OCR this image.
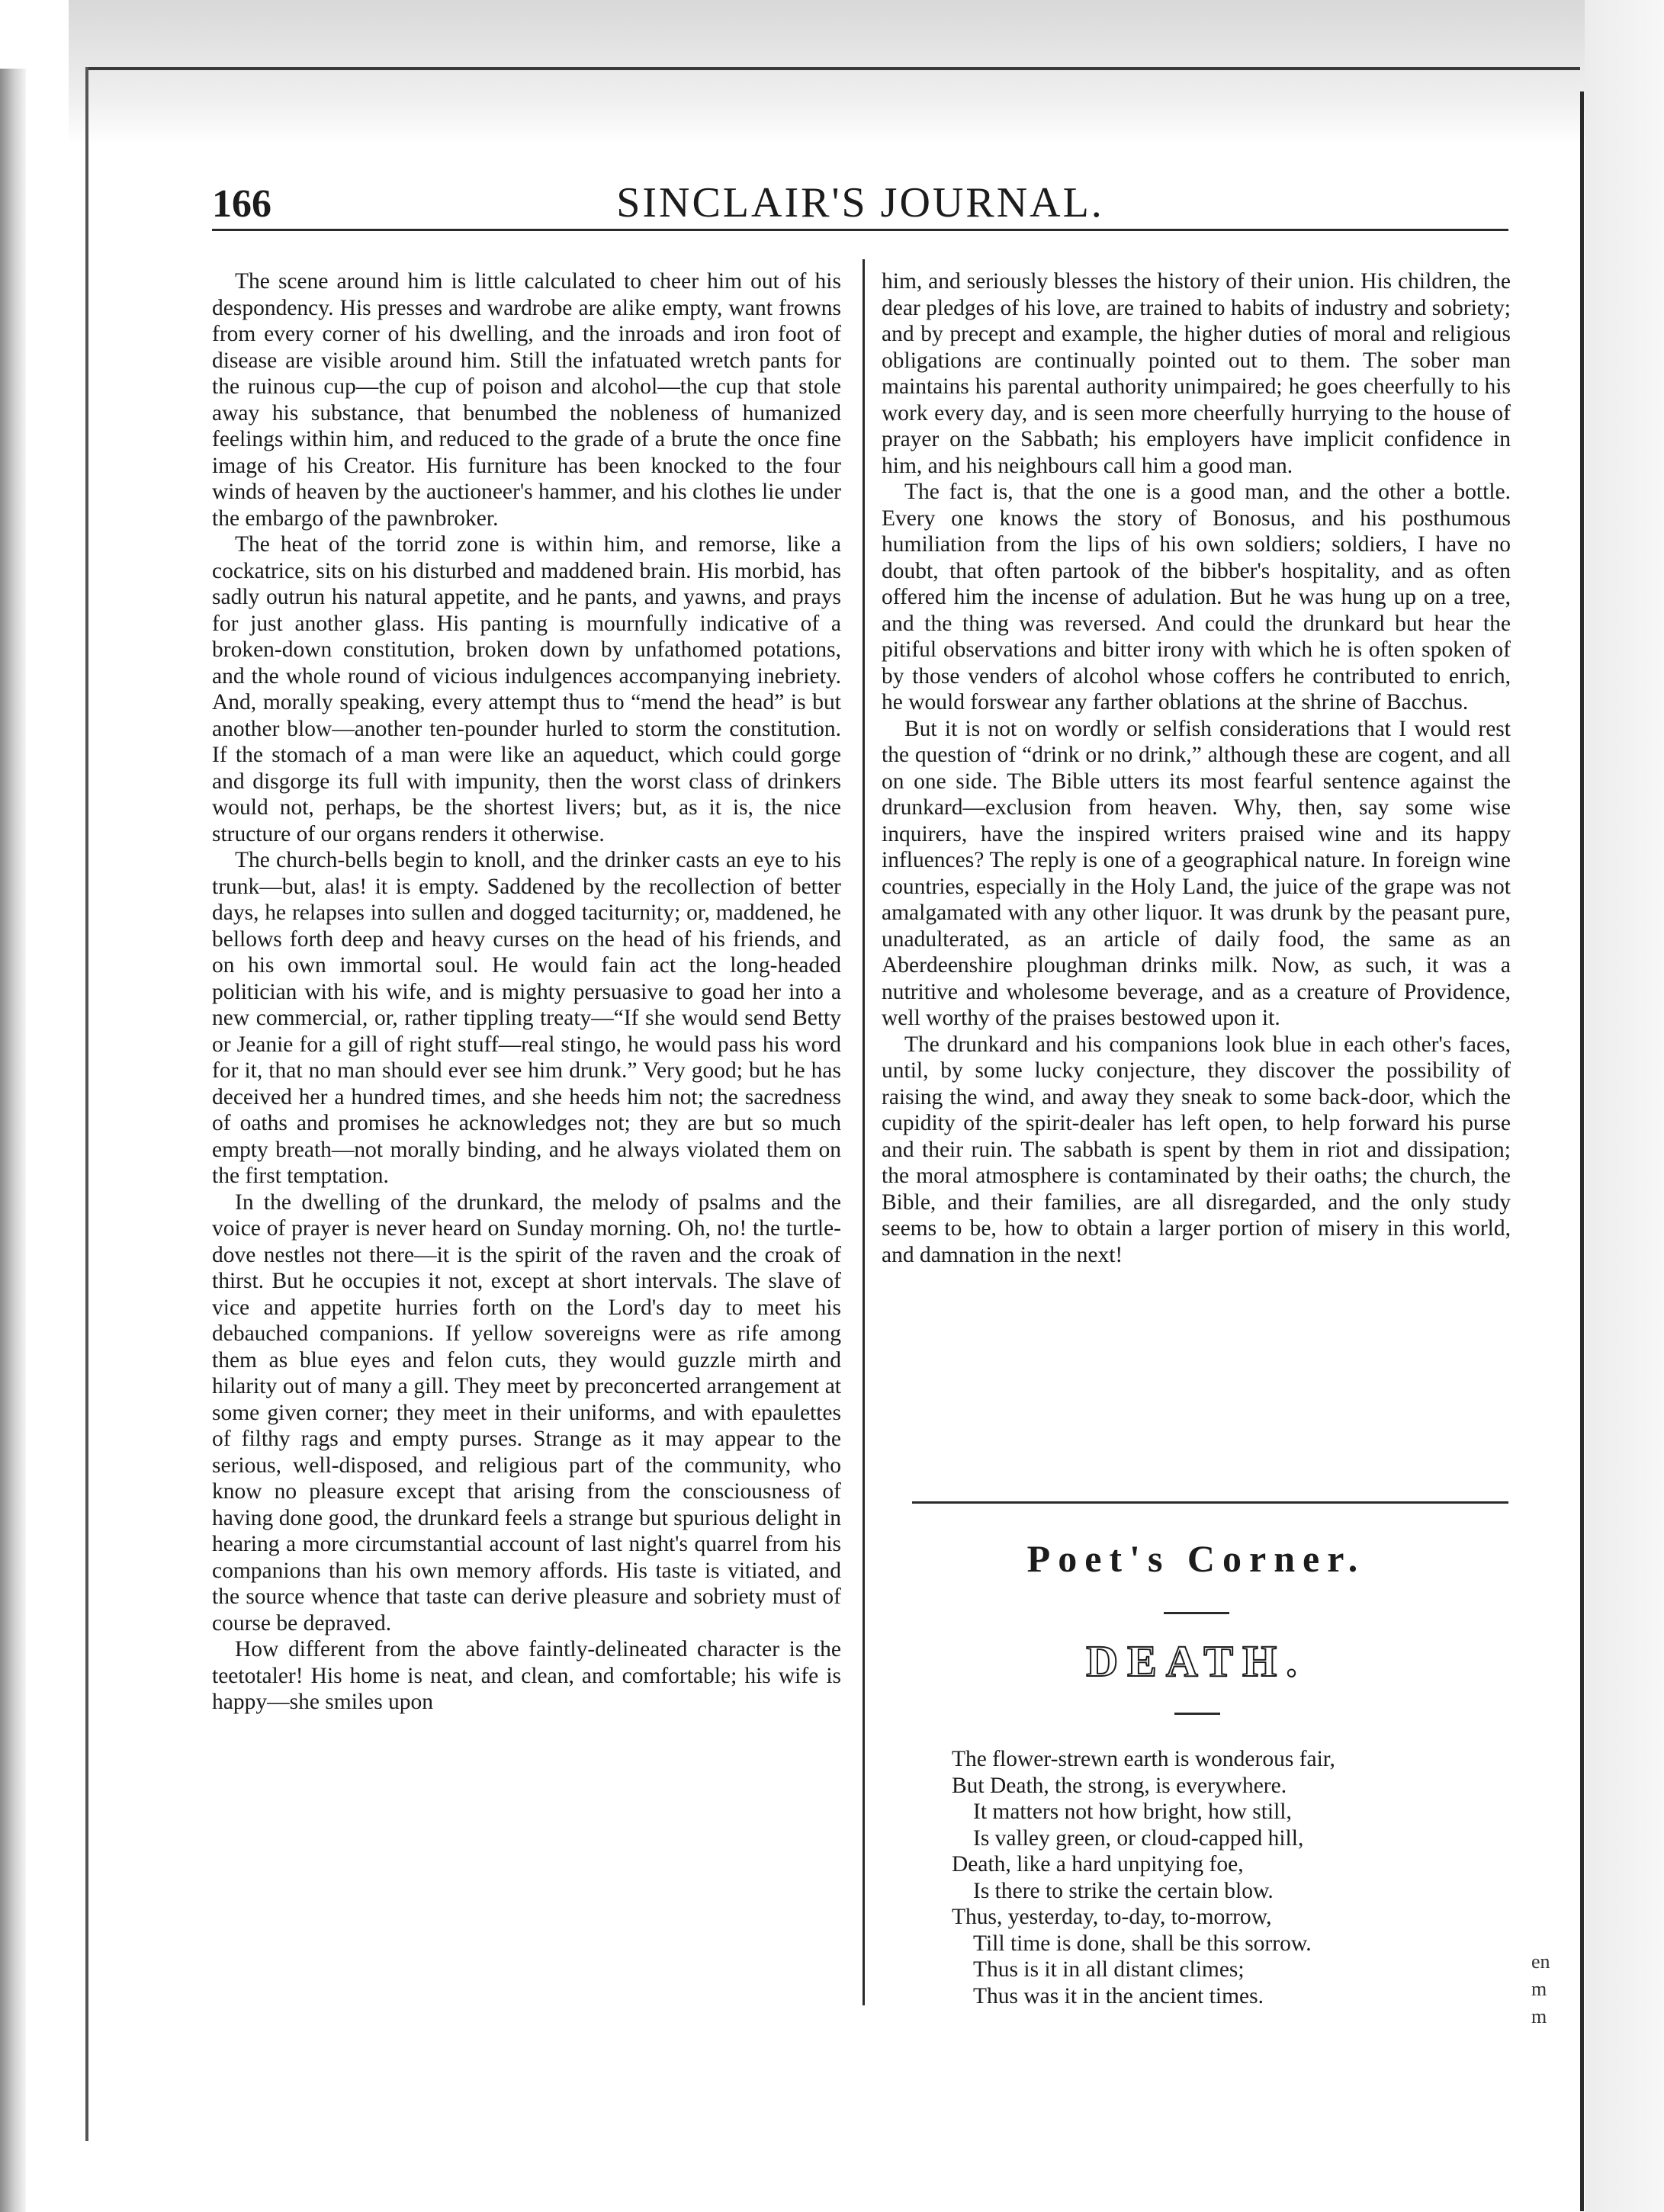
en
m
m
166	SINCLAIR'S JOURNAL.

The scene around him is little calculated to cheer him out of his despondency. His presses and wardrobe are alike empty, want frowns from every corner of his dwelling, and the inroads and iron foot of disease are visible around him. Still the infatuated wretch pants for the ruinous cup—the cup of poison and alcohol—the cup that stole away his substance, that benumbed the nobleness of humanized feelings within him, and reduced to the grade of a brute the once fine image of his Creator. His furniture has been knocked to the four winds of heaven by the auctioneer's hammer, and his clothes lie under the embargo of the pawnbroker.

The heat of the torrid zone is within him, and remorse, like a cockatrice, sits on his disturbed and maddened brain. His morbid, has sadly outrun his natural appetite, and he pants, and yawns, and prays for just another glass. His panting is mournfully indicative of a broken-down constitution, broken down by unfathomed potations, and the whole round of vicious indulgences accompanying inebriety. And, morally speaking, every attempt thus to “mend the head” is but another blow—another ten-pounder hurled to storm the constitution. If the stomach of a man were like an aqueduct, which could gorge and disgorge its full with impunity, then the worst class of drinkers would not, perhaps, be the shortest livers; but, as it is, the nice structure of our organs renders it otherwise.

The church-bells begin to knoll, and the drinker casts an eye to his trunk—but, alas! it is empty. Saddened by the recollection of better days, he relapses into sullen and dogged taciturnity; or, maddened, he bellows forth deep and heavy curses on the head of his friends, and on his own immortal soul. He would fain act the long-headed politician with his wife, and is mighty persuasive to goad her into a new commercial, or, rather tippling treaty—“If she would send Betty or Jeanie for a gill of right stuff—real stingo, he would pass his word for it, that no man should ever see him drunk.” Very good; but he has deceived her a hundred times, and she heeds him not; the sacredness of oaths and promises he acknowledges not; they are but so much empty breath—not morally binding, and he always violated them on the first temptation.

In the dwelling of the drunkard, the melody of psalms and the voice of prayer is never heard on Sunday morning. Oh, no! the turtle-dove nestles not there—it is the spirit of the raven and the croak of thirst. But he occupies it not, except at short intervals. The slave of vice and appetite hurries forth on the Lord's day to meet his debauched companions. If yellow sovereigns were as rife among them as blue eyes and felon cuts, they would guzzle mirth and hilarity out of many a gill. They meet by preconcerted arrangement at some given corner; they meet in their uniforms, and with epaulettes of filthy rags and empty purses. Strange as it may appear to the serious, well-disposed, and religious part of the community, who know no pleasure except that arising from the consciousness of having done good, the drunkard feels a strange but spurious delight in hearing a more circumstantial account of last night's quarrel from his companions than his own memory affords. His taste is vitiated, and the source whence that taste can derive pleasure and sobriety must of course be depraved.

How different from the above faintly-delineated character is the teetotaler! His home is neat, and clean, and comfortable; his wife is happy—she smiles upon

him, and seriously blesses the history of their union. His children, the dear pledges of his love, are trained to habits of industry and sobriety; and by precept and example, the higher duties of moral and religious obligations are continually pointed out to them. The sober man maintains his parental authority unimpaired; he goes cheerfully to his work every day, and is seen more cheerfully hurrying to the house of prayer on the Sabbath; his employers have implicit confidence in him, and his neighbours call him a good man.

The fact is, that the one is a good man, and the other a bottle. Every one knows the story of Bonosus, and his posthumous humiliation from the lips of his own soldiers; soldiers, I have no doubt, that often partook of the bibber's hospitality, and as often offered him the incense of adulation. But he was hung up on a tree, and the thing was reversed. And could the drunkard but hear the pitiful observations and bitter irony with which he is often spoken of by those venders of alcohol whose coffers he contributed to enrich, he would forswear any farther oblations at the shrine of Bacchus.

But it is not on wordly or selfish considerations that I would rest the question of “drink or no drink,” although these are cogent, and all on one side. The Bible utters its most fearful sentence against the drunkard—exclusion from heaven. Why, then, say some wise inquirers, have the inspired writers praised wine and its happy influences? The reply is one of a geographical nature. In foreign wine countries, especially in the Holy Land, the juice of the grape was not amalgamated with any other liquor. It was drunk by the peasant pure, unadulterated, as an article of daily food, the same as an Aberdeenshire ploughman drinks milk. Now, as such, it was a nutritive and wholesome beverage, and as a creature of Providence, well worthy of the praises bestowed upon it.

The drunkard and his companions look blue in each other's faces, until, by some lucky conjecture, they discover the possibility of raising the wind, and away they sneak to some back-door, which the cupidity of the spirit-dealer has left open, to help forward his purse and their ruin. The sabbath is spent by them in riot and dissipation; the moral atmosphere is contaminated by their oaths; the church, the Bible, and their families, are all disregarded, and the only study seems to be, how to obtain a larger portion of misery in this world, and damnation in the next!

Poet's Corner.
DEATH.
The flower-strewn earth is wonderous fair,
But Death, the strong, is everywhere.
It matters not how bright, how still,
Is valley green, or cloud-capped hill,
Death, like a hard unpitying foe,
Is there to strike the certain blow.
Thus, yesterday, to-day, to-morrow,
Till time is done, shall be this sorrow.
Thus is it in all distant climes;
Thus was it in the ancient times.
